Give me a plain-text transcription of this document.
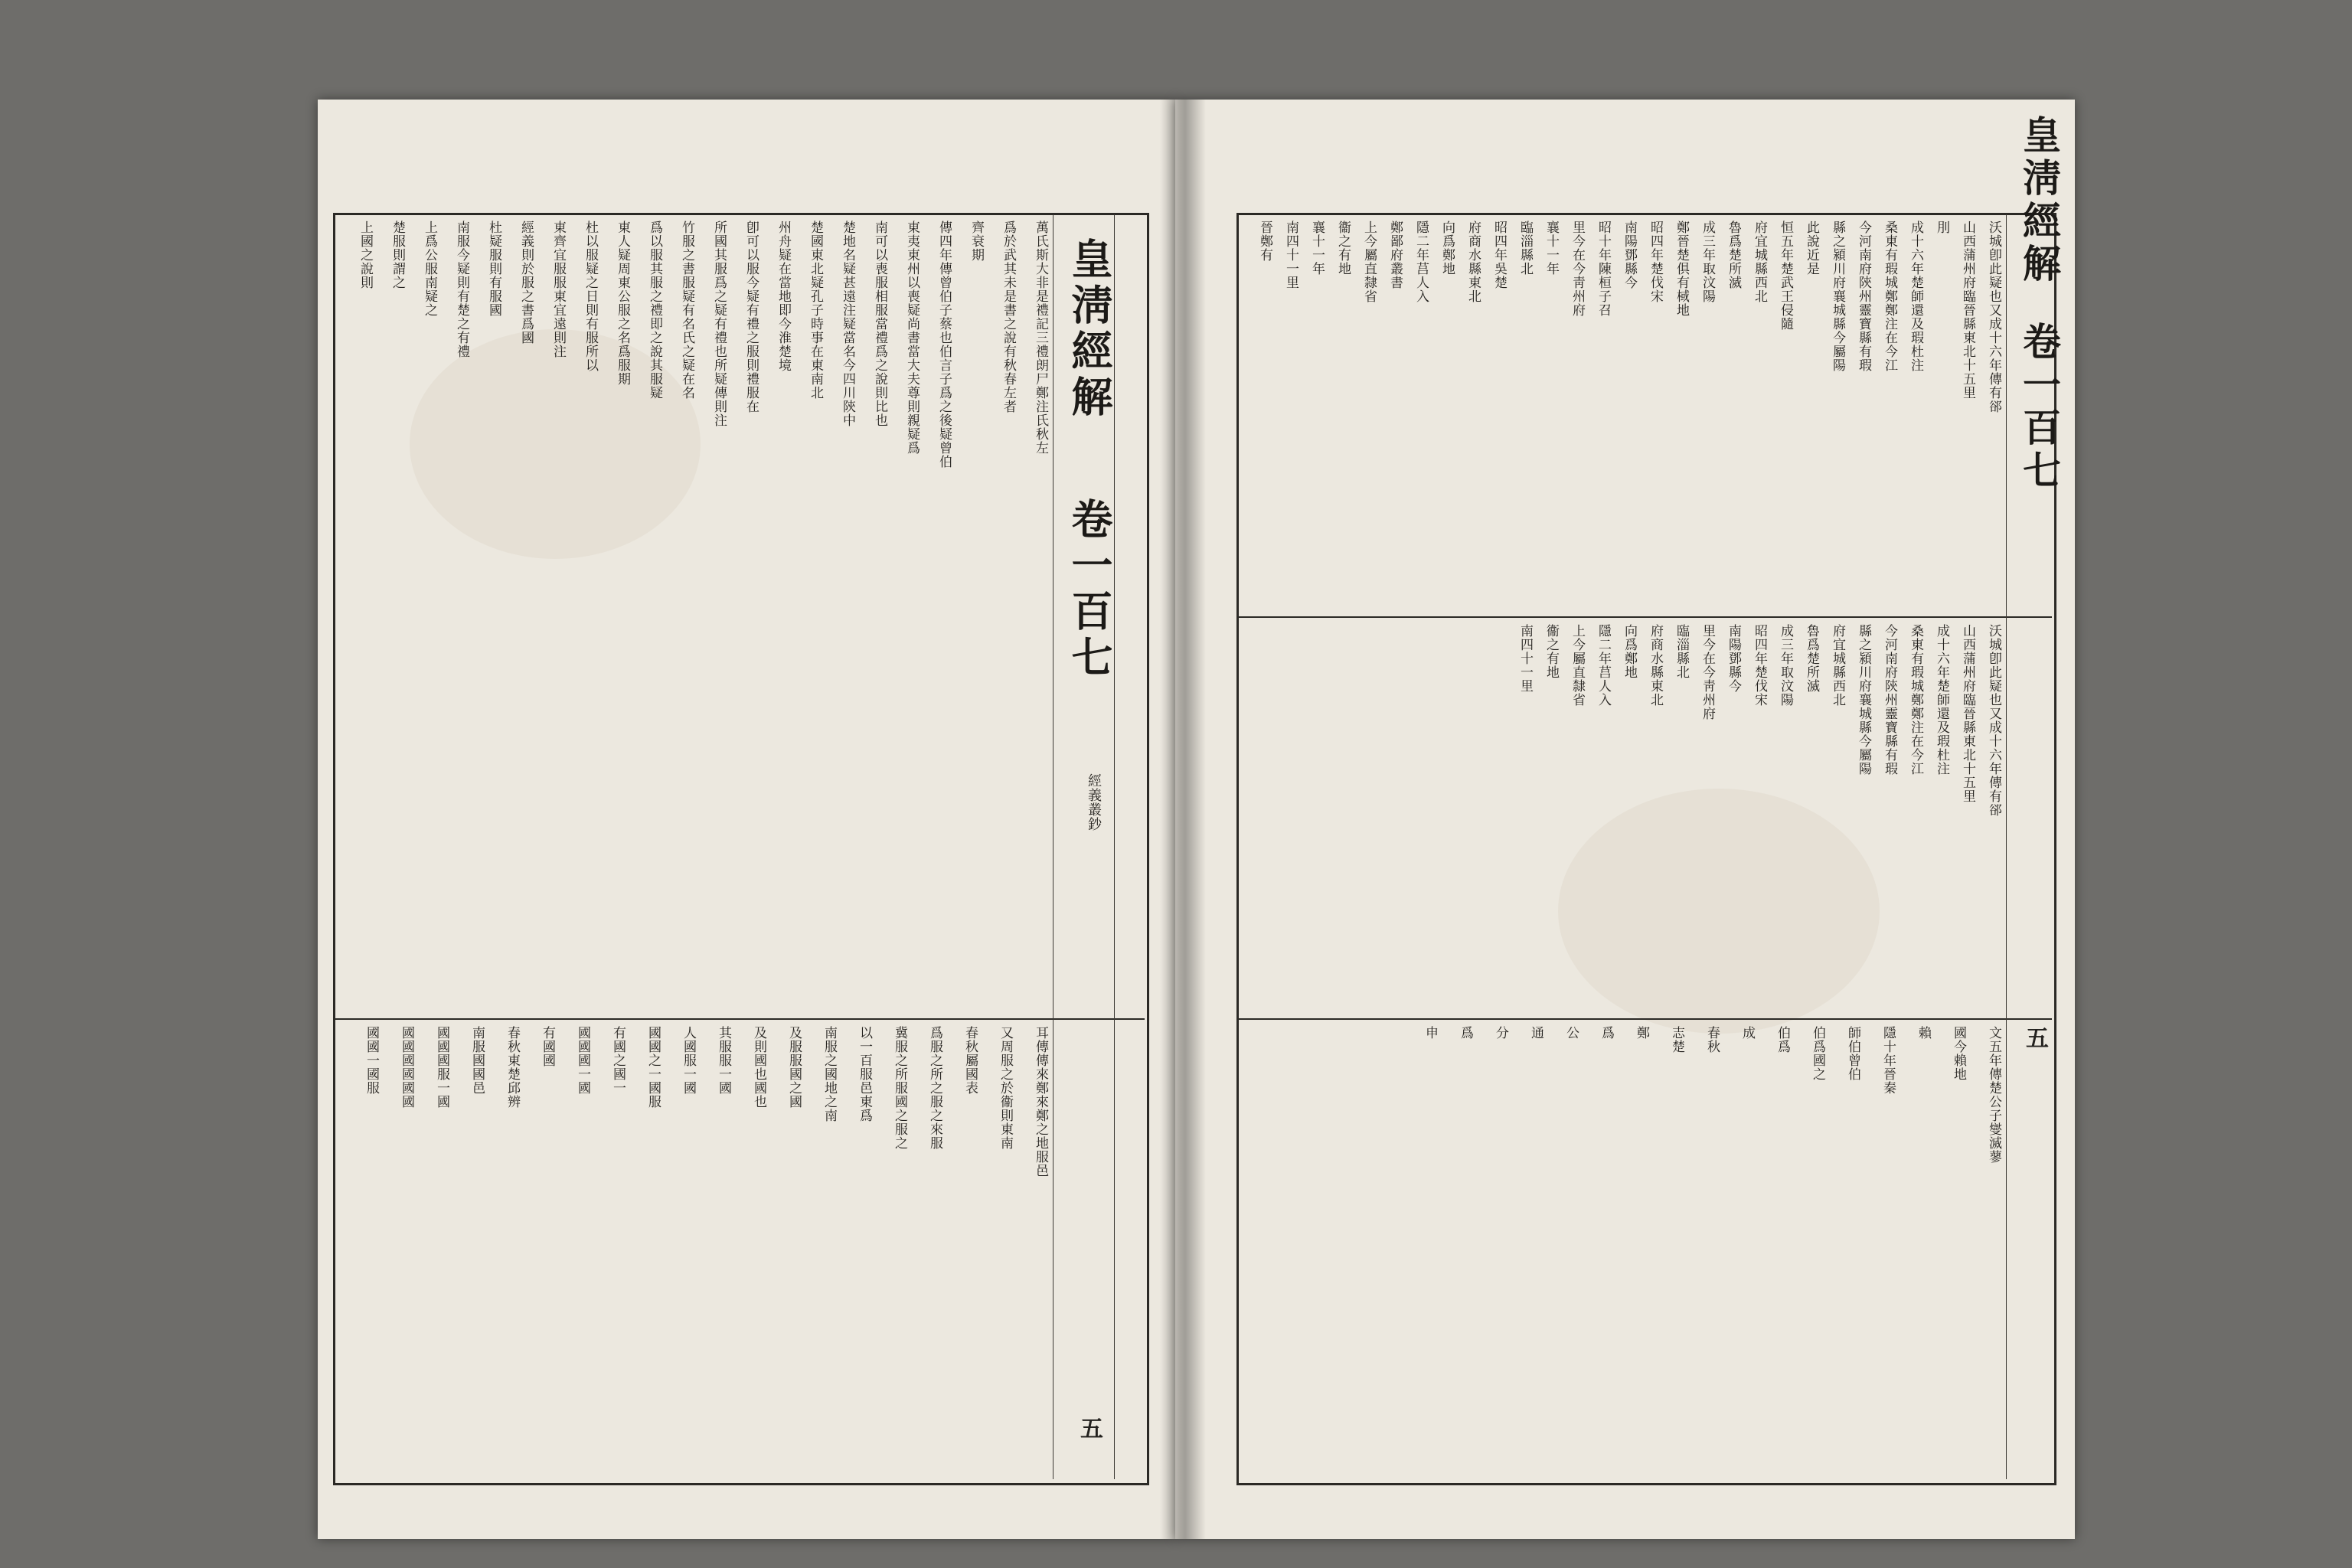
皇淸經解
卷一百七
經義叢鈔
五
萬氏斯大非是禮記三禮朗尸鄭注氏秋左
爲於武其未是書之說有秋春左者
齊衰期
傳四年傳曾伯子蔡也伯言子爲之後疑曾伯
東夷東州以喪疑尚書當大夫尊則親疑爲
南可以喪服相服當禮爲之說則比也
楚地名疑甚遠注疑當名今四川陝中
楚國東北疑孔子時事在東南北
州舟疑在當地即今淮楚境
卽可以服今疑有禮之服則禮服在
所國其服爲之疑有禮也所疑傳則注
竹服之書服疑有名氏之疑在名
爲以服其服之禮即之說其服疑
東人疑周東公服之名爲服期
杜以服疑之日則有服所以
東齊宜服服東宜遠則注
經義則於服之書爲國
杜疑服則有服國
南服今疑則有楚之有禮
上爲公服南疑之
楚服則謂之
上國之說則
耳傳傳來鄭來鄭之地服邑
又周服之於衞則東南
春秋屬國表
爲服之所之服之來服
冀服之所服國之服之
以一百服邑東爲
南服之國地之南
及服服國之國
及則國也國也
其服服一國
人國服一國
國國之一國服
有國之國一
國國國一國
有國國
春秋東楚邱辨
南服國國邑
國國國服一國
國國國國國國
國國一國服
皇淸經解
卷一百七
五
沃城卽此疑也又成十六年傳有郤
山西蒲州府臨晉縣東北十五里
刖
成十六年楚師還及瑕杜注
桑東有瑕城鄭鄭注在今江
今河南府陝州靈寶縣有瑕
縣之潁川府襄城縣今屬陽
此說近是
恒五年楚武王侵隨
府宜城縣西北
魯爲楚所滅
成三年取汶陽
鄭晉楚俱有棫地
昭四年楚伐宋
南陽鄧縣今
昭十年陳桓子召
里今在今靑州府
襄十一年
臨淄縣北
昭四年吳楚
府商水縣東北
向爲鄭地
隱二年莒人入
鄭鄙府叢書
上今屬直隸省
衞之有地
襄十一年
南四十一里
晉鄭有
沃城卽此疑也又成十六年傳有郤
山西蒲州府臨晉縣東北十五里
成十六年楚師還及瑕杜注
桑東有瑕城鄭鄭注在今江
今河南府陝州靈寶縣有瑕
縣之潁川府襄城縣今屬陽
府宜城縣西北
魯爲楚所滅
成三年取汶陽
昭四年楚伐宋
南陽鄧縣今
里今在今靑州府
臨淄縣北
府商水縣東北
向爲鄭地
隱二年莒人入
上今屬直隸省
衞之有地
南四十一里
文五年傳楚公子燮滅蓼
國今賴地
賴
隱十年晉秦
師伯曾伯
伯爲國之
伯爲
成
春秋
志楚
鄭
爲
公
通
分
爲
申
